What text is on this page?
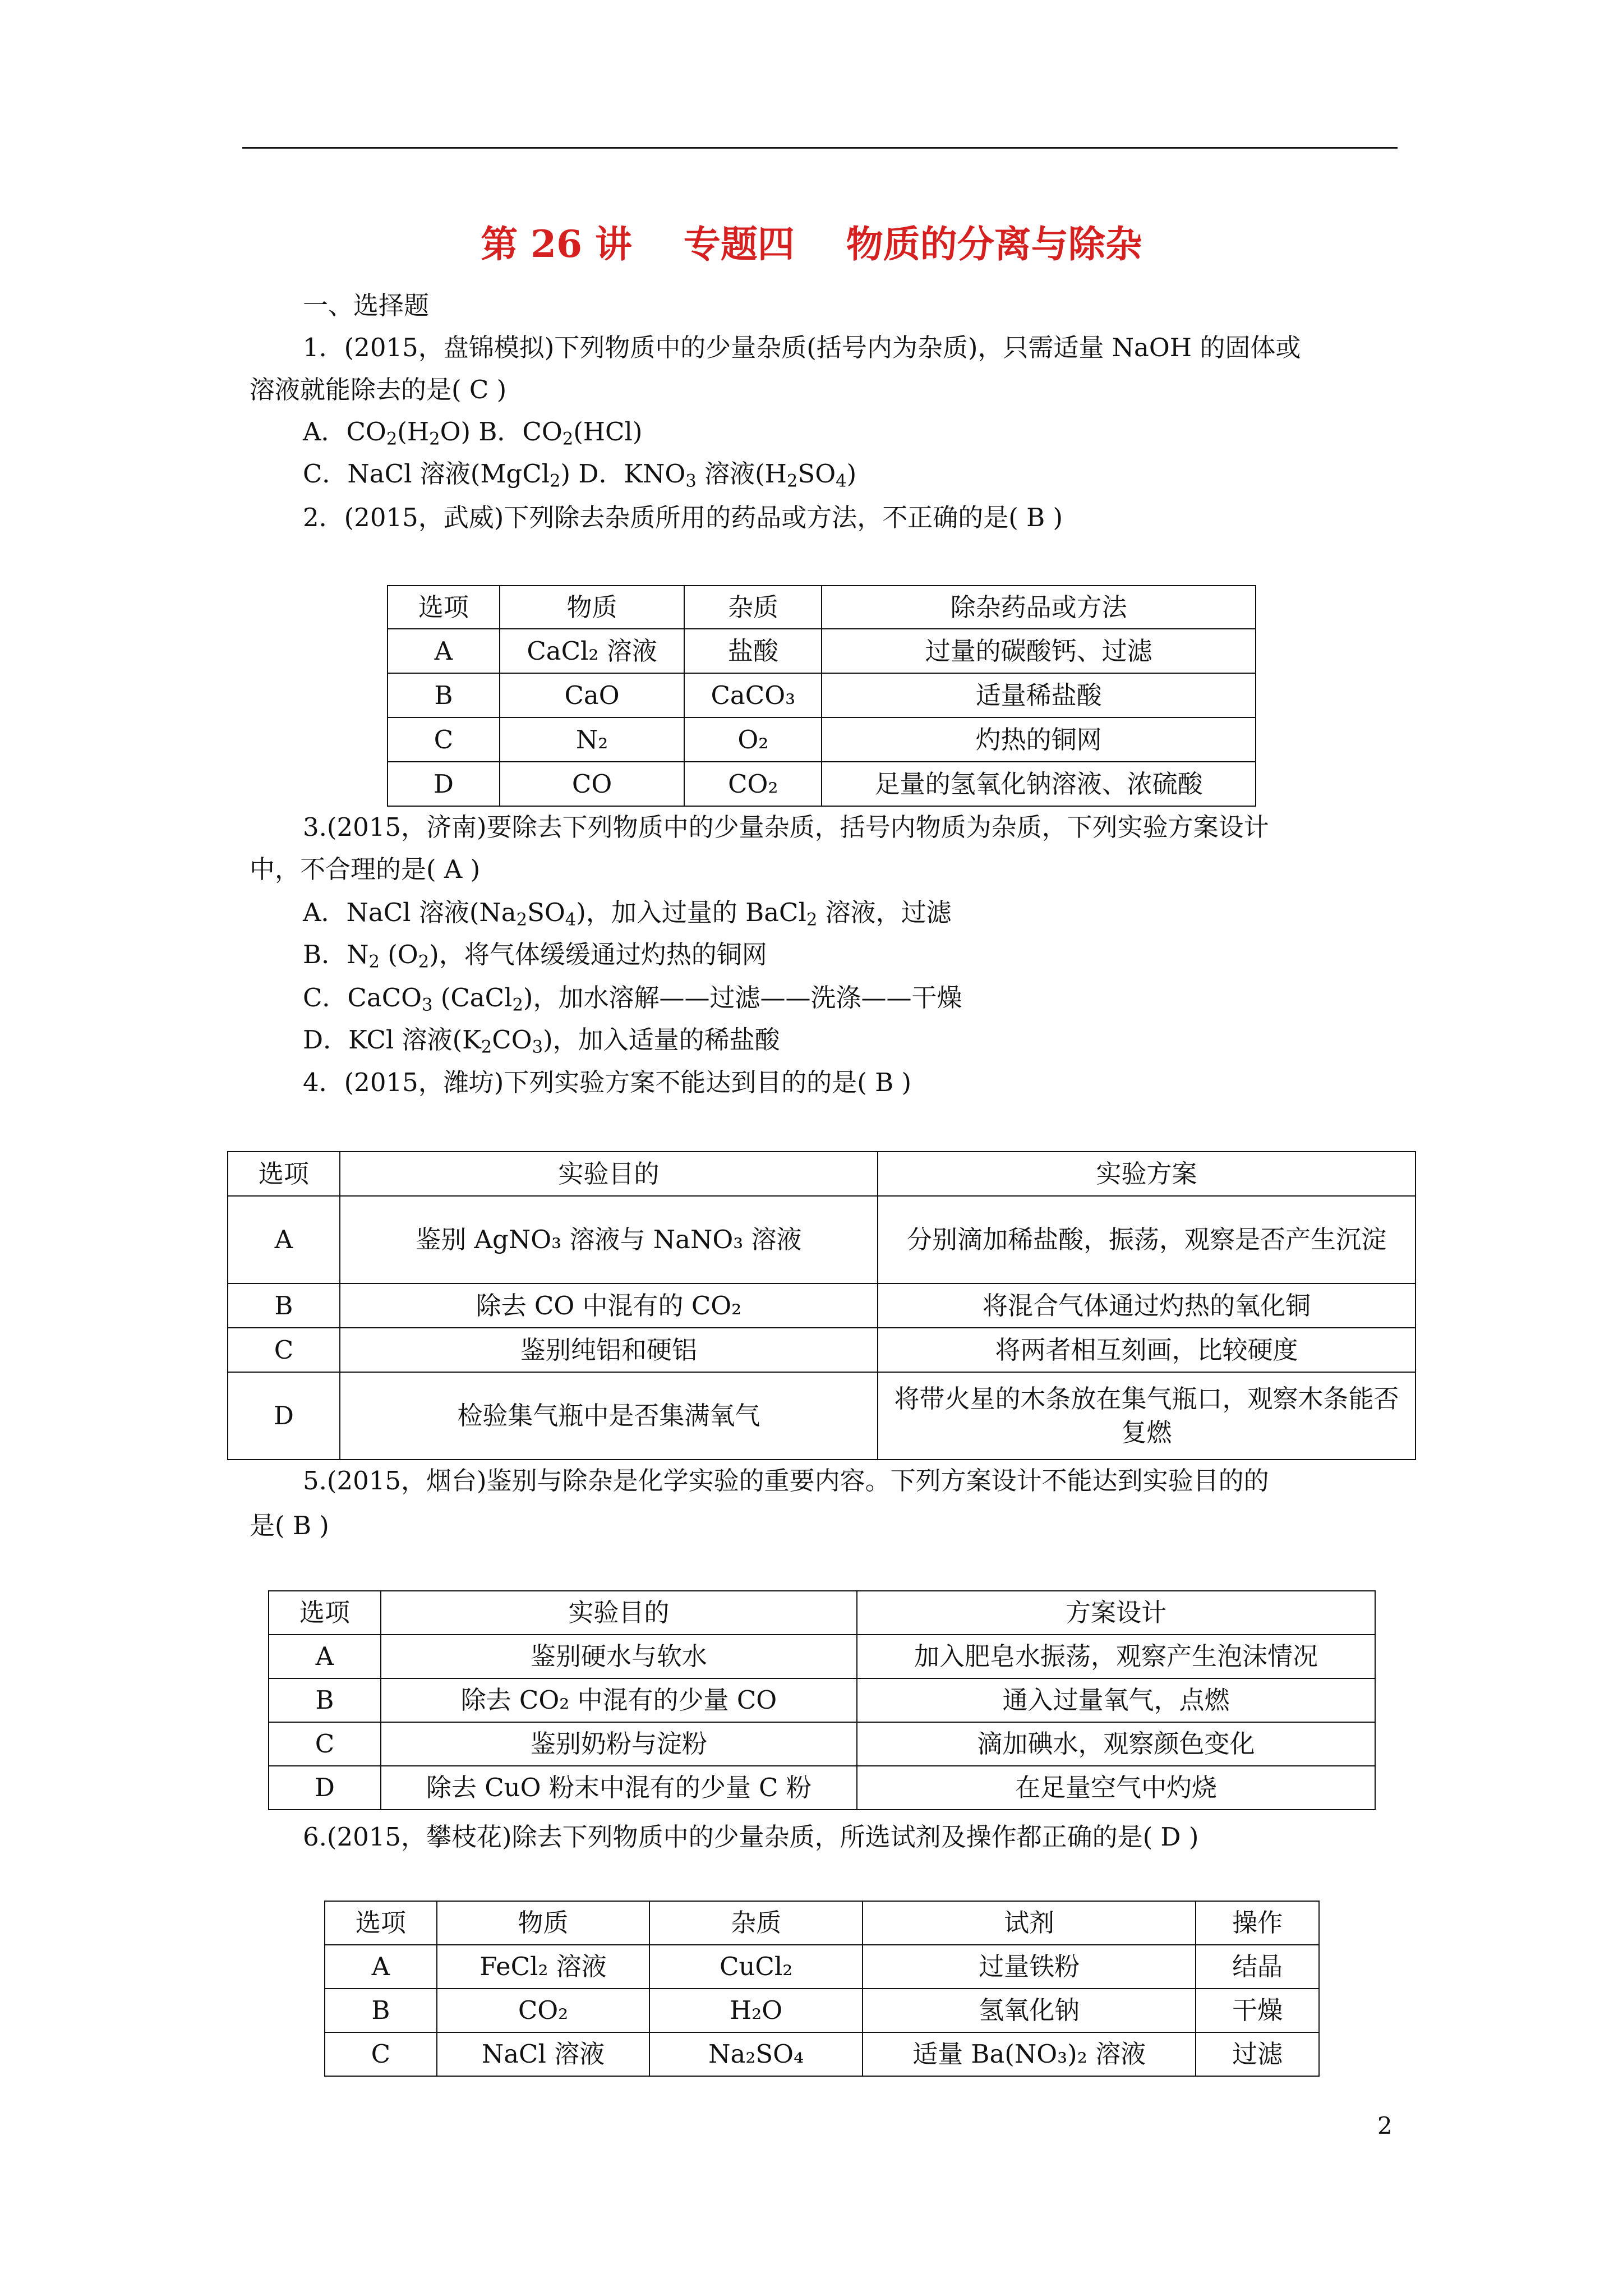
第 26 讲    专题四    物质的分离与除杂
一、选择题
1．(2015，盘锦模拟)下列物质中的少量杂质(括号内为杂质)，只需适量 NaOH 的固体或
溶液就能除去的是( C )
A．$CO_2(H_2O)$ B．$CO_2(HCl)$
C．NaCl 溶液(MgCl$_2$) D．$KNO_3$ 溶液$(H_2SO_4)$
2．(2015，武威)下列除去杂质所用的药品或方法，不正确的是( B )
选项	物质	杂质	除杂药品或方法
A	CaCl₂ 溶液	盐酸	过量的碳酸钙、过滤
B	CaO	CaCO₃	适量稀盐酸
C	N₂	O₂	灼热的铜网
D	CO	CO₂	足量的氢氧化钠溶液、浓硫酸
3.(2015，济南)要除去下列物质中的少量杂质，括号内物质为杂质，下列实验方案设计
中，不合理的是( A )
A．NaCl 溶液$(Na_2SO_4)$，加入过量的 BaCl$_2$ 溶液，过滤
B．$N_2$ $(O_2)$，将气体缓缓通过灼热的铜网
C．CaCO$_3$ (CaCl$_2$)，加水溶解——过滤——洗涤——干燥
D．KCl 溶液$(K_2CO_3)$，加入适量的稀盐酸
4．(2015，潍坊)下列实验方案不能达到目的的是( B )
选项	实验目的	实验方案
A	鉴别 AgNO₃ 溶液与 NaNO₃ 溶液	分别滴加稀盐酸，振荡，观察是否产生沉淀
B	除去 CO 中混有的 CO₂	将混合气体通过灼热的氧化铜
C	鉴别纯铝和硬铝	将两者相互刻画，比较硬度
D	检验集气瓶中是否集满氧气	将带火星的木条放在集气瓶口，观察木条能否复燃
5.(2015，烟台)鉴别与除杂是化学实验的重要内容。下列方案设计不能达到实验目的的
是( B )
选项	实验目的	方案设计
A	鉴别硬水与软水	加入肥皂水振荡，观察产生泡沫情况
B	除去 CO₂ 中混有的少量 CO	通入过量氧气，点燃
C	鉴别奶粉与淀粉	滴加碘水，观察颜色变化
D	除去 CuO 粉末中混有的少量 C 粉	在足量空气中灼烧
6.(2015，攀枝花)除去下列物质中的少量杂质，所选试剂及操作都正确的是( D )
选项	物质	杂质	试剂	操作
A	FeCl₂ 溶液	CuCl₂	过量铁粉	结晶
B	CO₂	H₂O	氢氧化钠	干燥
C	NaCl 溶液	Na₂SO₄	适量 Ba(NO₃)₂ 溶液	过滤
2
